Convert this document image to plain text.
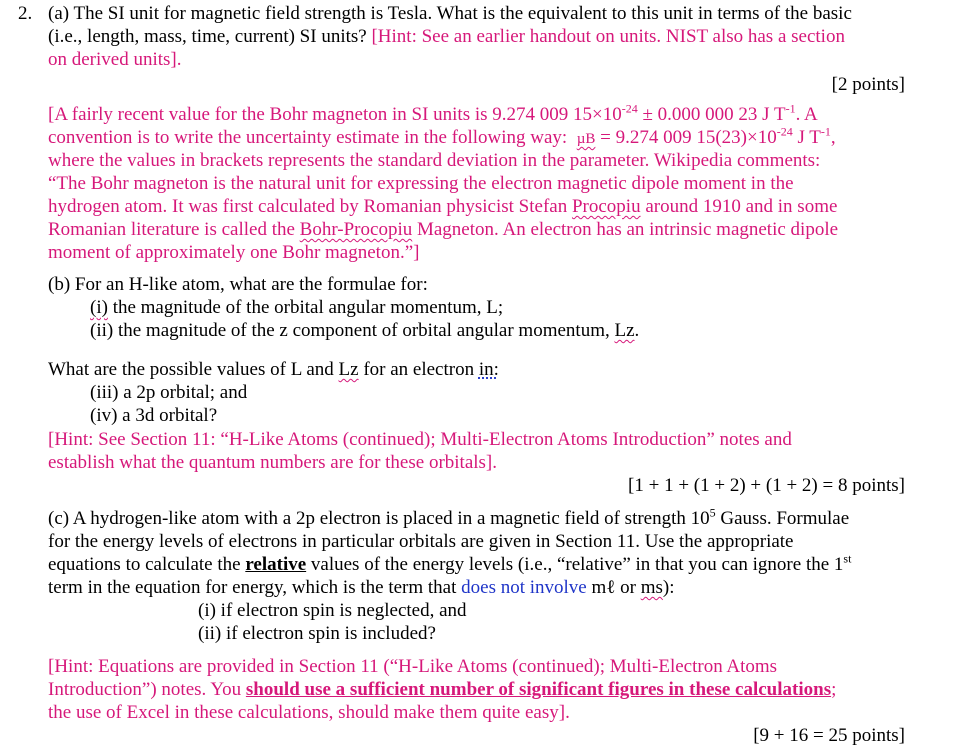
2. (a) The SI unit for magnetic field strength is Tesla. What is the equivalent to this unit in terms of the basic
(i.e., length, mass, time, current) SI units? [Hint: See an earlier handout on units. NIST also has a section
on derived units].
[2 points]
[A fairly recent value for the Bohr magneton in SI units is 9.274 009 $15\times 10^{-24} \pm 0.000$ 000 23 J $T^{-1}$. A
convention is to write the uncertainty estimate in the following way: µB = 9.274 009 $15(23)\times 10^{-24}$ J $T^{-1}$,
where the values in brackets represents the standard deviation in the parameter. Wikipedia comments:
“The Bohr magneton is the natural unit for expressing the electron magnetic dipole moment in the
hydrogen atom. It was first calculated by Romanian physicist Stefan Procopiu around 1910 and in some
Romanian literature is called the Bohr-Procopiu Magneton. An electron has an intrinsic magnetic dipole
moment of approximately one Bohr magneton.”]
(b) For an H-like atom, what are the formulae for:
(i) the magnitude of the orbital angular momentum, L;
(ii) the magnitude of the z component of orbital angular momentum, Lz.
What are the possible values of L and Lz for an electron in:
(iii) a 2p orbital; and
(iv) a 3d orbital?
[Hint: See Section 11: “H-Like Atoms (continued); Multi-Electron Atoms Introduction” notes and
establish what the quantum numbers are for these orbitals].
[1 + 1 + (1 + 2) + (1 + 2) = 8 points]
(c) A hydrogen-like atom with a 2p electron is placed in a magnetic field of strength $10^5$ Gauss. Formulae
for the energy levels of electrons in particular orbitals are given in Section 11. Use the appropriate
equations to calculate the relative values of the energy levels (i.e., “relative” in that you can ignore the 1st
term in the equation for energy, which is the term that does not involve mℓ or ms):
(i) if electron spin is neglected, and
(ii) if electron spin is included?
[Hint: Equations are provided in Section 11 (“H-Like Atoms (continued); Multi-Electron Atoms
Introduction”) notes. You should use a sufficient number of significant figures in these calculations;
the use of Excel in these calculations, should make them quite easy].
[9 + 16 = 25 points]
